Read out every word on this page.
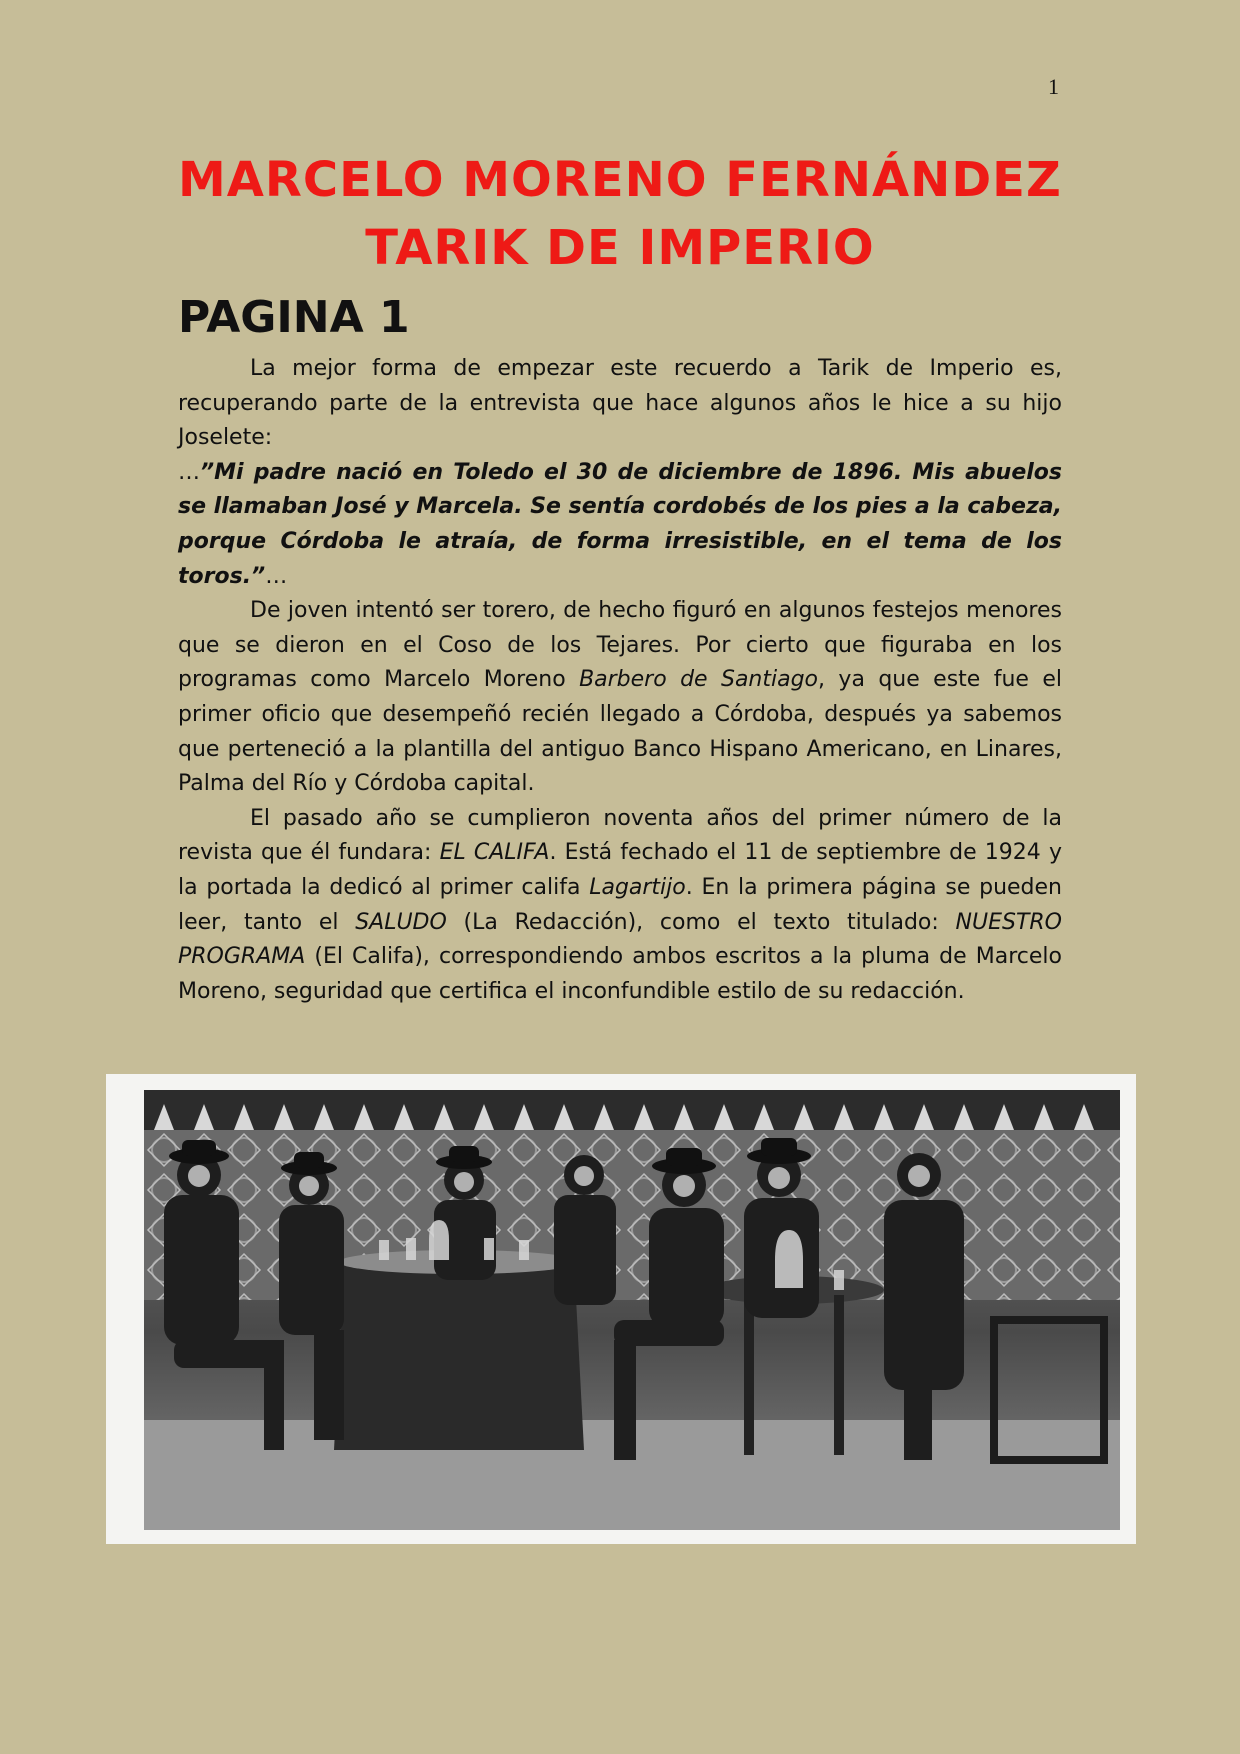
1
MARCELO MORENO FERNÁNDEZ
TARIK DE IMPERIO
PAGINA 1

La mejor forma de empezar este recuerdo a Tarik de Imperio es, recuperando parte de la entrevista que hace algunos años le hice a su hijo Joselete:

…”Mi padre nació en Toledo el 30 de diciembre de 1896. Mis abuelos se llamaban José y Marcela. Se sentía cordobés de los pies a la cabeza, porque Córdoba le atraía, de forma irresistible, en el tema de los toros.”…

De joven intentó ser torero, de hecho figuró en algunos festejos menores que se dieron en el Coso de los Tejares. Por cierto que figuraba en los programas como Marcelo Moreno Barbero de Santiago, ya que este fue el primer oficio que desempeñó recién llegado a Córdoba, después ya sabemos que perteneció a la plantilla del antiguo Banco Hispano Americano, en Linares, Palma del Río y Córdoba capital.

El pasado año se cumplieron noventa años del primer número de la revista que él fundara: EL CALIFA. Está fechado el 11 de septiembre de 1924 y la portada la dedicó al primer califa Lagartijo. En la primera página se pueden leer, tanto el SALUDO (La Redacción), como el texto titulado: NUESTRO PROGRAMA (El Califa), correspondiendo ambos escritos a la pluma de Marcelo Moreno, seguridad que certifica el inconfundible estilo de su redacción.
